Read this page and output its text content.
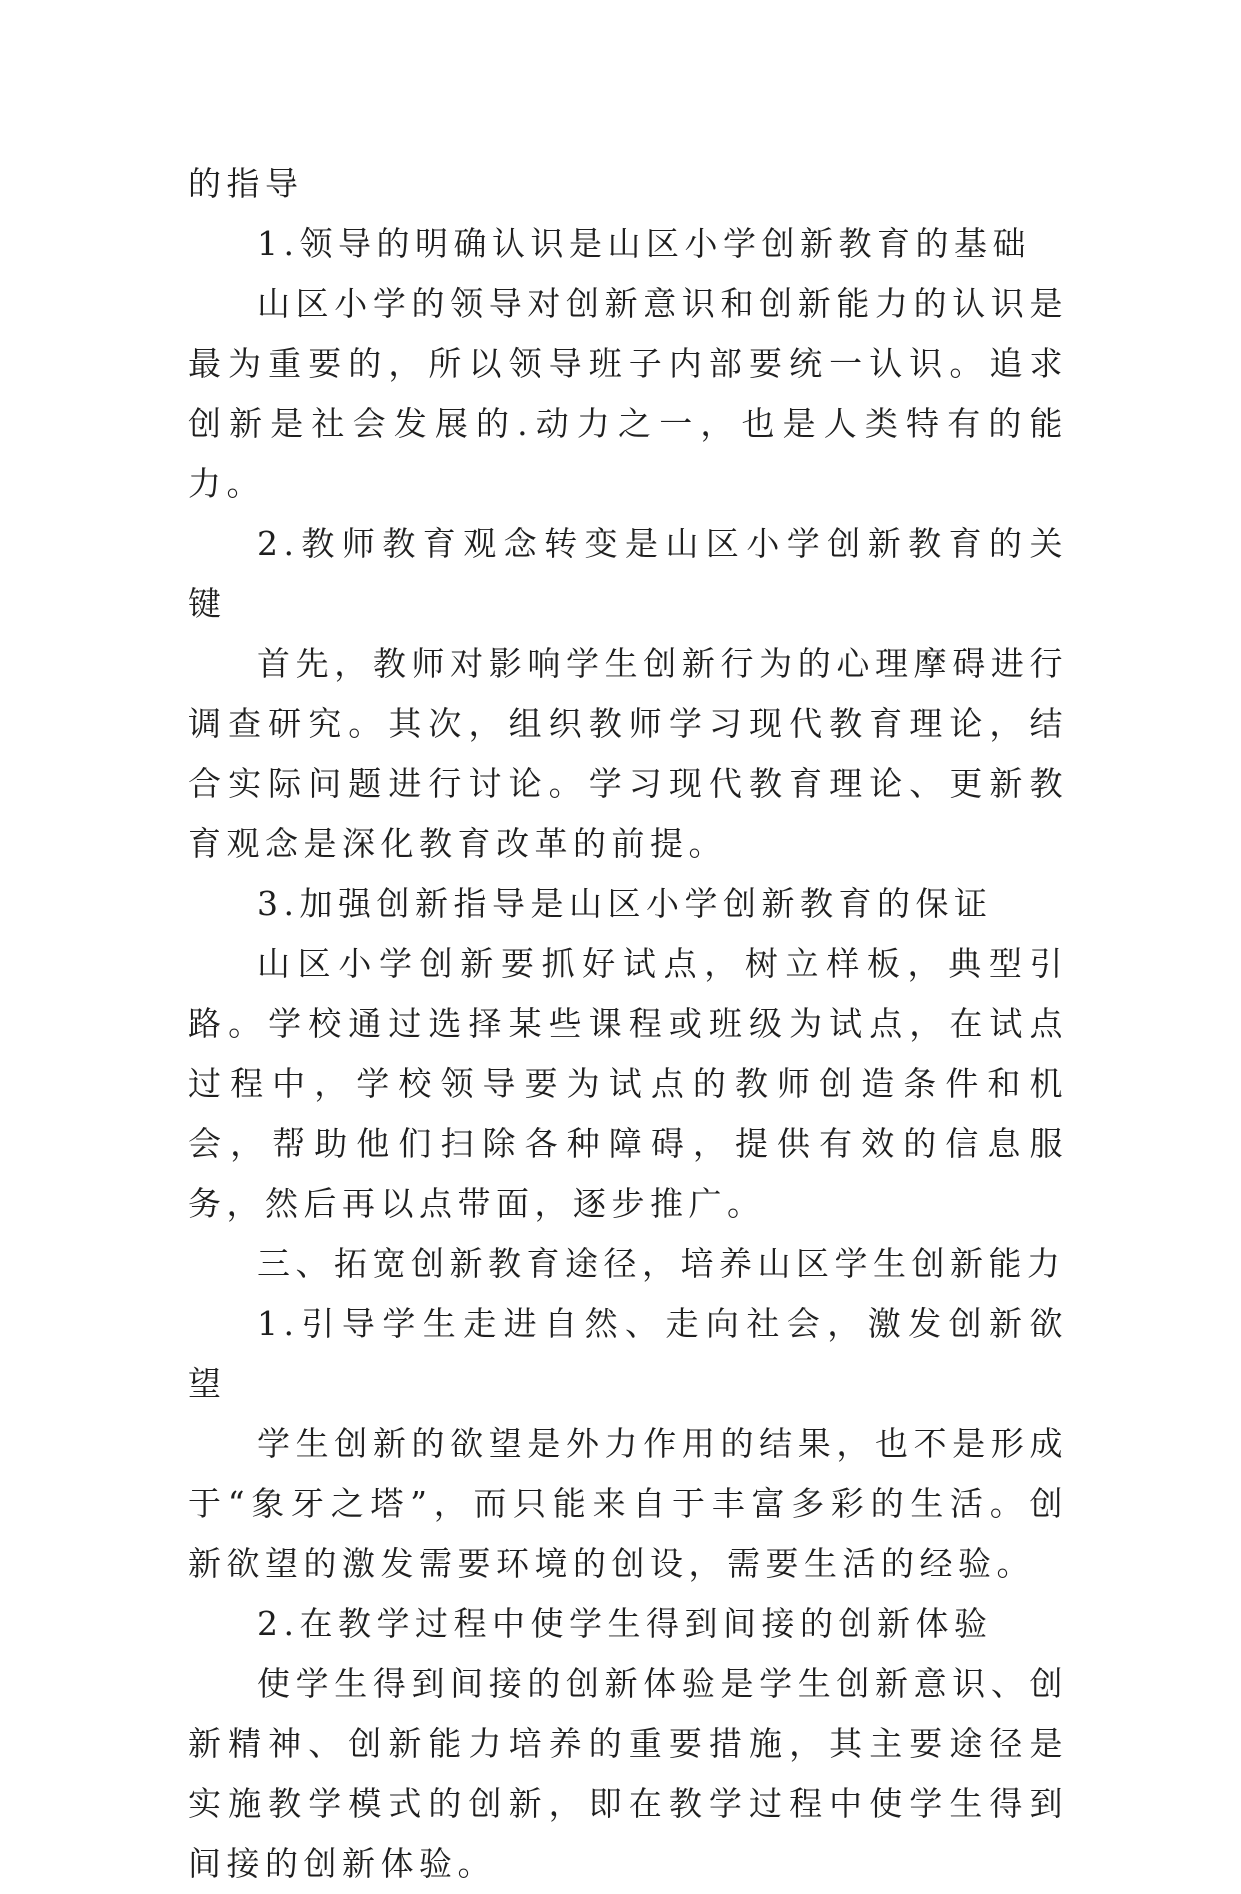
的指导

1.领导的明确认识是山区小学创新教育的基础

山区小学的领导对创新意识和创新能力的认识是最为重要的，所以领导班子内部要统一认识。追求创新是社会发展的.动力之一，也是人类特有的能力。

2.教师教育观念转变是山区小学创新教育的关键

首先，教师对影响学生创新行为的心理摩碍进行调查研究。其次，组织教师学习现代教育理论，结合实际问题进行讨论。学习现代教育理论、更新教育观念是深化教育改革的前提。

3.加强创新指导是山区小学创新教育的保证

山区小学创新要抓好试点，树立样板，典型引路。学校通过选择某些课程或班级为试点，在试点过程中，学校领导要为试点的教师创造条件和机会，帮助他们扫除各种障碍，提供有效的信息服务，然后再以点带面，逐步推广。

三、拓宽创新教育途径，培养山区学生创新能力

1.引导学生走进自然、走向社会，激发创新欲望

学生创新的欲望是外力作用的结果，也不是形成于“象牙之塔”，而只能来自于丰富多彩的生活。创新欲望的激发需要环境的创设，需要生活的经验。

2.在教学过程中使学生得到间接的创新体验

使学生得到间接的创新体验是学生创新意识、创新精神、创新能力培养的重要措施，其主要途径是实施教学模式的创新，即在教学过程中使学生得到间接的创新体验。
